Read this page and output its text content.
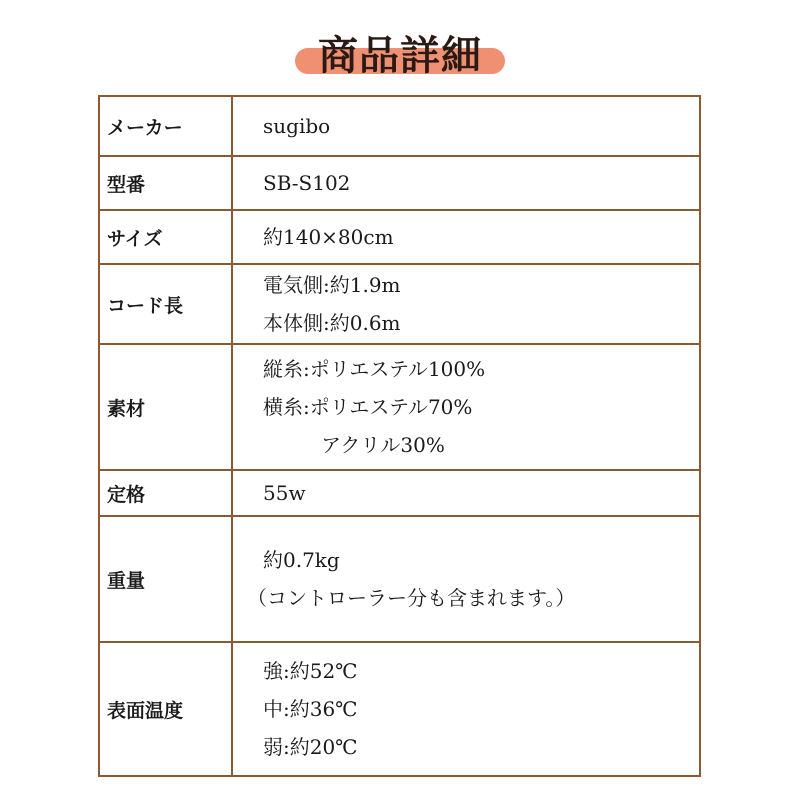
商品詳細
メーカー	sugibo

型番	SB-S102

サイズ	約140×80cm

コード長	電気側:約1.9m
本体側:約0.6m

素材	縦糸:ポリエステル100%
横糸:ポリエステル70%
アクリル30%

定格	55w

重量	約0.7kg
（コントローラー分も含まれます。）

表面温度	強:約52℃
中:約36℃
弱:約20℃
